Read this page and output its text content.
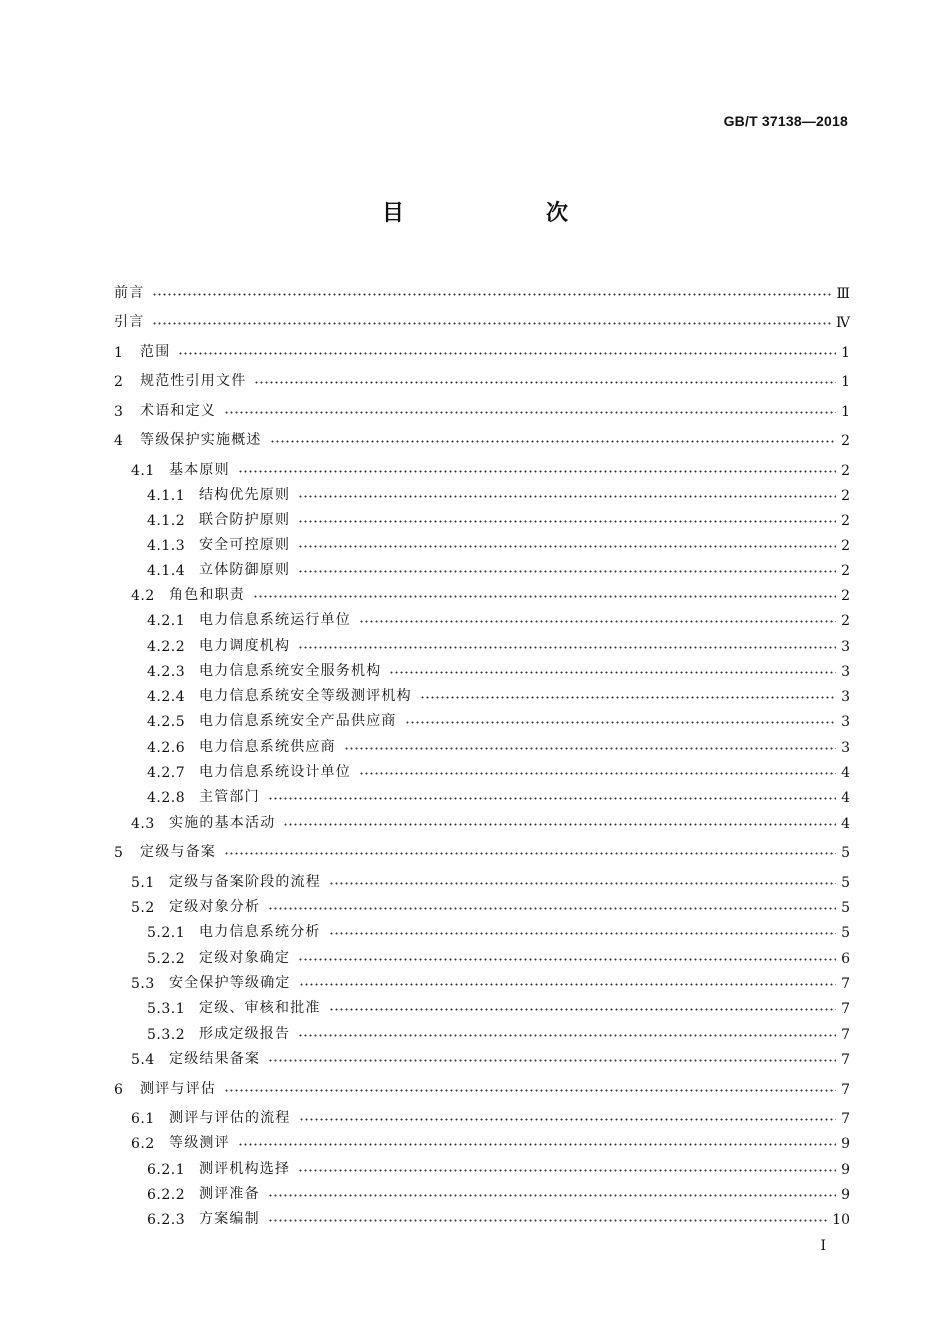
GB/T 37138—2018
目　次
前言	Ⅲ
引言	Ⅳ
1	范围	1
2	规范性引用文件	1
3	术语和定义	1
4	等级保护实施概述	2
4.1	基本原则	2
4.1.1 结构优先原则	2
4.1.2 联合防护原则	2
4.1.3 安全可控原则	2
4.1.4 立体防御原则	2
4.2	角色和职责	2
4.2.1 电力信息系统运行单位	2
4.2.2 电力调度机构	3
4.2.3 电力信息系统安全服务机构	3
4.2.4 电力信息系统安全等级测评机构	3
4.2.5 电力信息系统安全产品供应商	3
4.2.6 电力信息系统供应商	3
4.2.7 电力信息系统设计单位	4
4.2.8 主管部门	4
4.3	实施的基本活动	4
5	定级与备案	5
5.1	定级与备案阶段的流程	5
5.2	定级对象分析	5
5.2.1 电力信息系统分析	5
5.2.2 定级对象确定	6
5.3	安全保护等级确定	7
5.3.1 定级、审核和批准	7
5.3.2 形成定级报告	7
5.4	定级结果备案	7
6	测评与评估	7
6.1	测评与评估的流程	7
6.2	等级测评	9
6.2.1 测评机构选择	9
6.2.2 测评准备	9
6.2.3 方案编制	10
I
